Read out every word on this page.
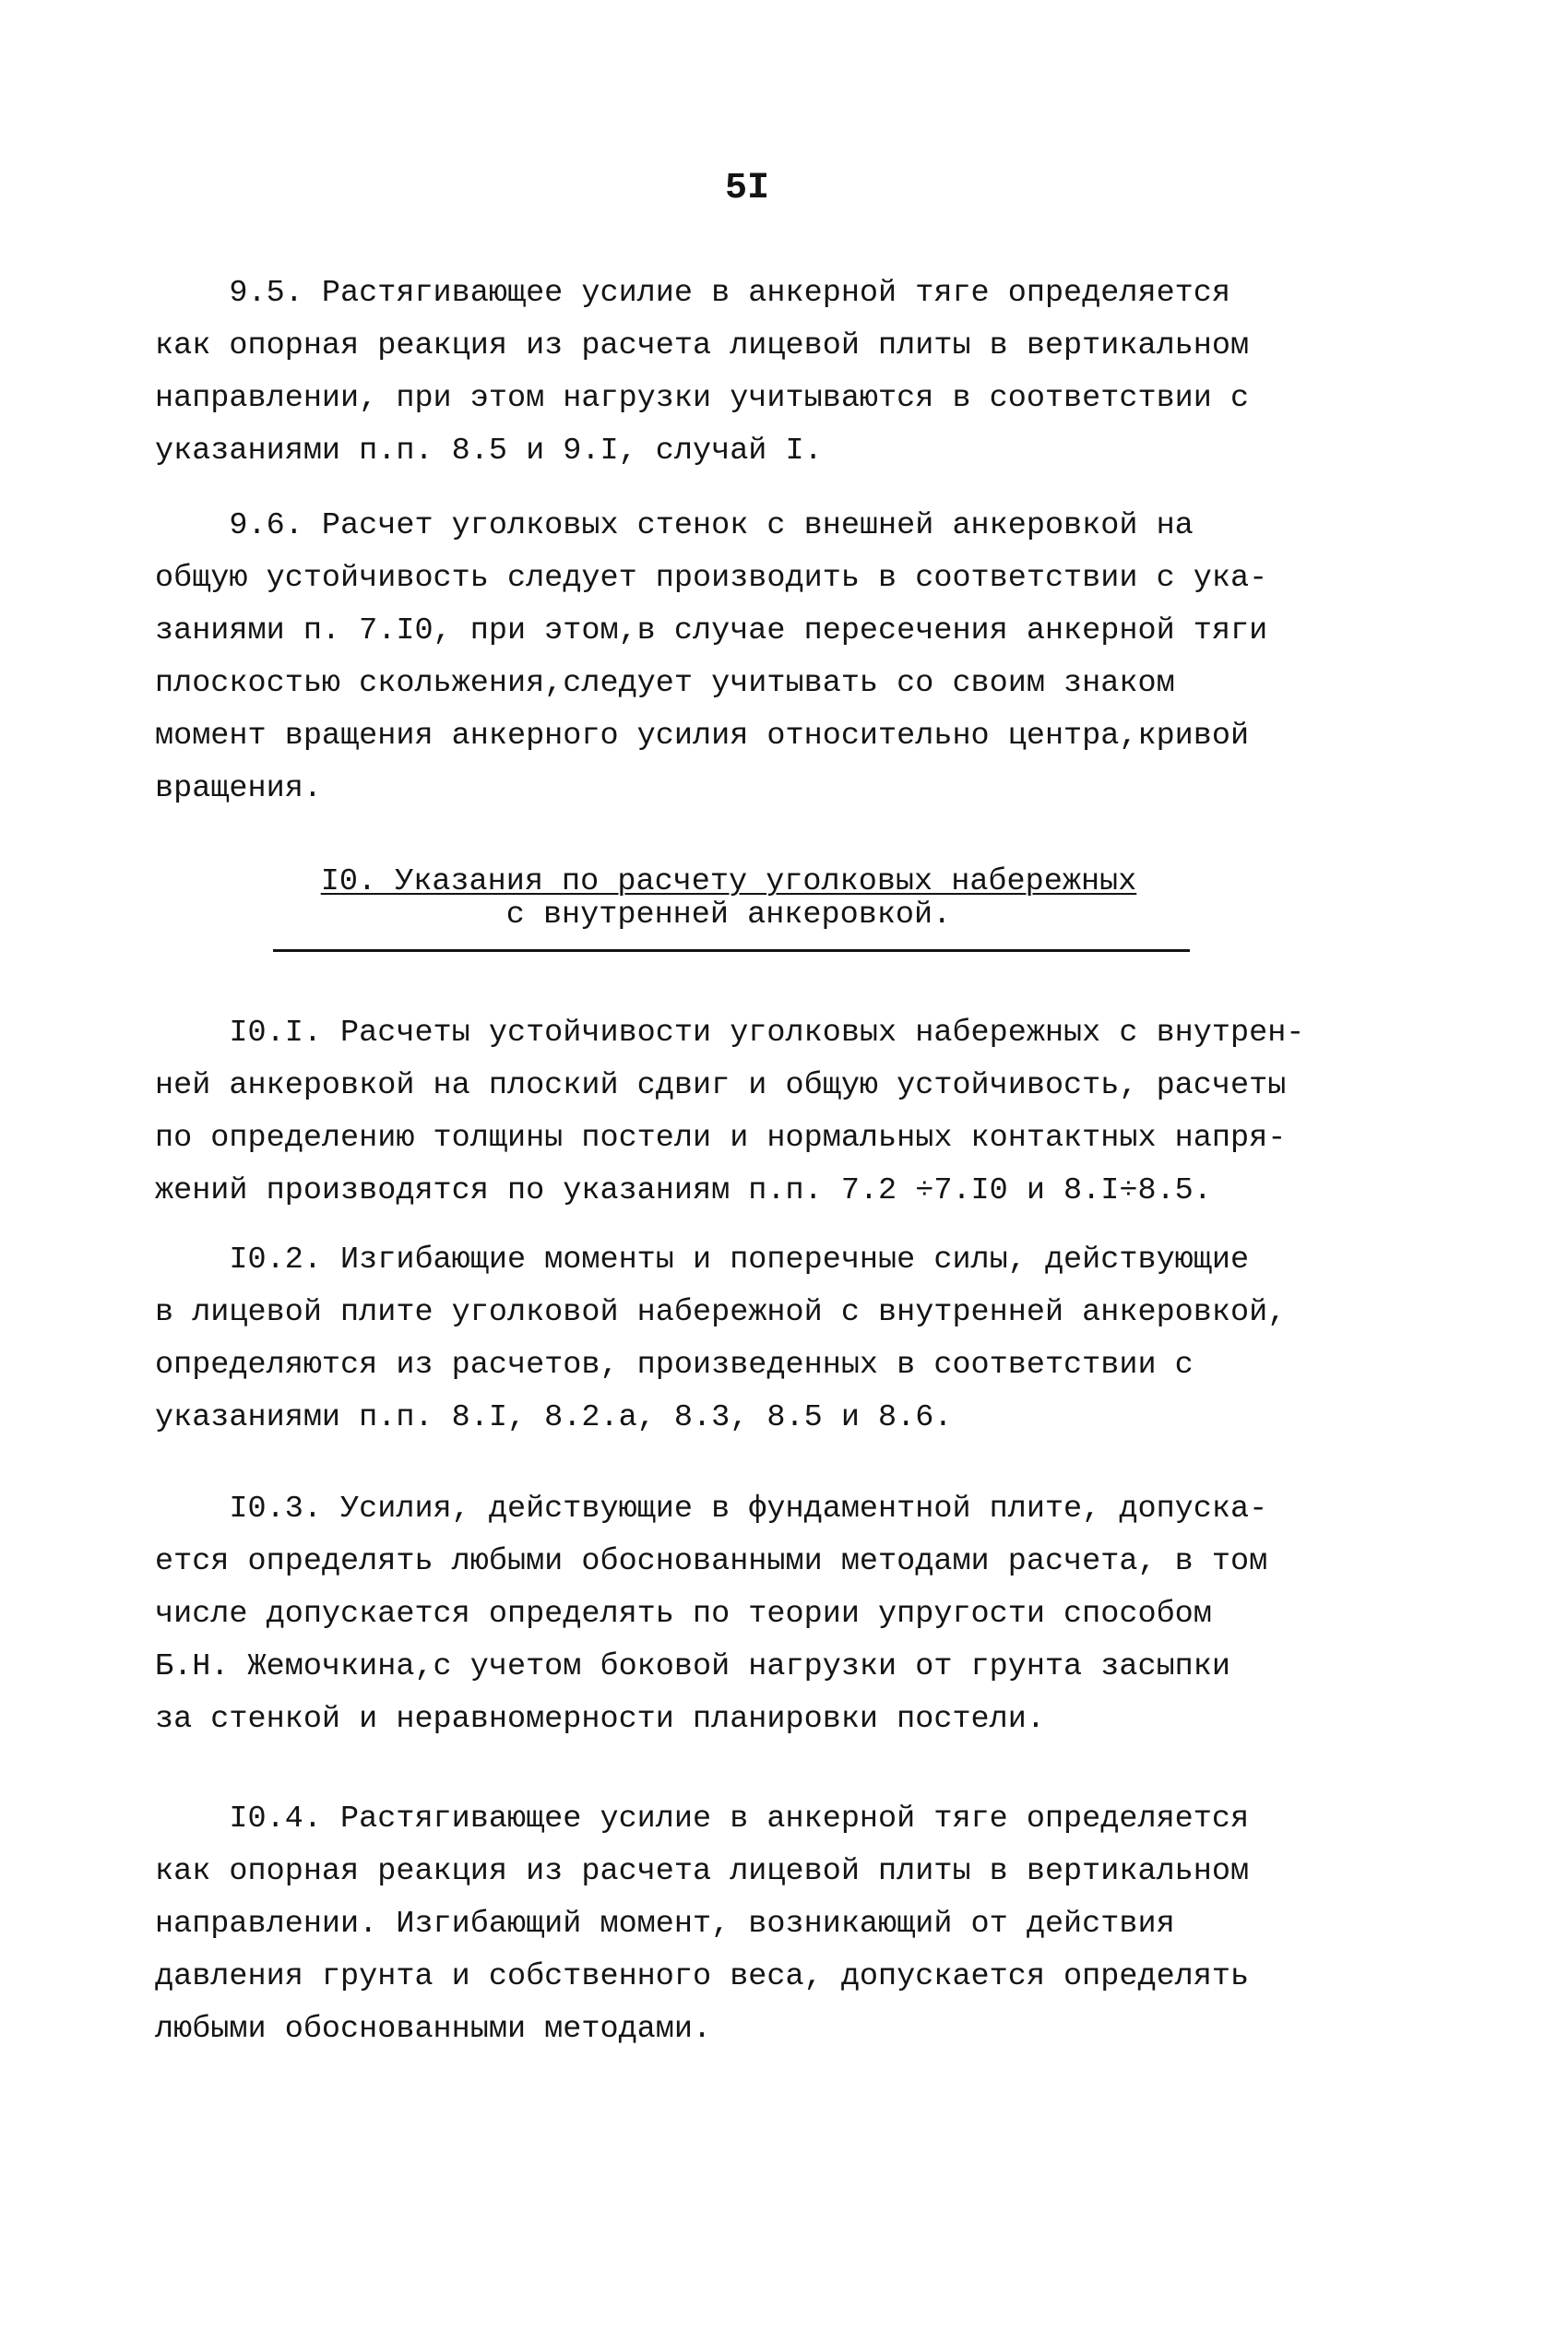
5I
9.5. Растягивающее усилие в анкерной тяге определяется
как опорная реакция из расчета лицевой плиты в вертикальном
направлении, при этом нагрузки учитываются в соответствии с
указаниями п.п. 8.5 и 9.I, случай I.
9.6. Расчет уголковых стенок с внешней анкеровкой на
общую устойчивость следует производить в соответствии с ука-
заниями п. 7.I0, при этом,в случае пересечения анкерной тяги
плоскостью скольжения,следует учитывать со своим знаком
момент вращения анкерного усилия относительно центра,кривой
вращения.
I0. Указания по расчету уголковых набережных
с внутренней анкеровкой.
I0.I. Расчеты устойчивости уголковых набережных с внутрен-
ней анкеровкой на плоский сдвиг и общую устойчивость, расчеты
по определению толщины постели и нормальных контактных напря-
жений производятся по указаниям п.п. 7.2 ÷7.I0 и 8.I÷8.5.
I0.2. Изгибающие моменты и поперечные силы, действующие
в лицевой плите уголковой набережной с внутренней анкеровкой,
определяются из расчетов, произведенных в соответствии с
указаниями п.п. 8.I, 8.2.а, 8.3, 8.5 и 8.6.
I0.3. Усилия, действующие в фундаментной плите, допуска-
ется определять любыми обоснованными методами расчета, в том
числе допускается определять по теории упругости способом
Б.Н. Жемочкина,с учетом боковой нагрузки от грунта засыпки
за стенкой и неравномерности планировки постели.
I0.4. Растягивающее усилие в анкерной тяге определяется
как опорная реакция из расчета лицевой плиты в вертикальном
направлении. Изгибающий момент, возникающий от действия
давления грунта и собственного веса, допускается определять
любыми обоснованными методами.
